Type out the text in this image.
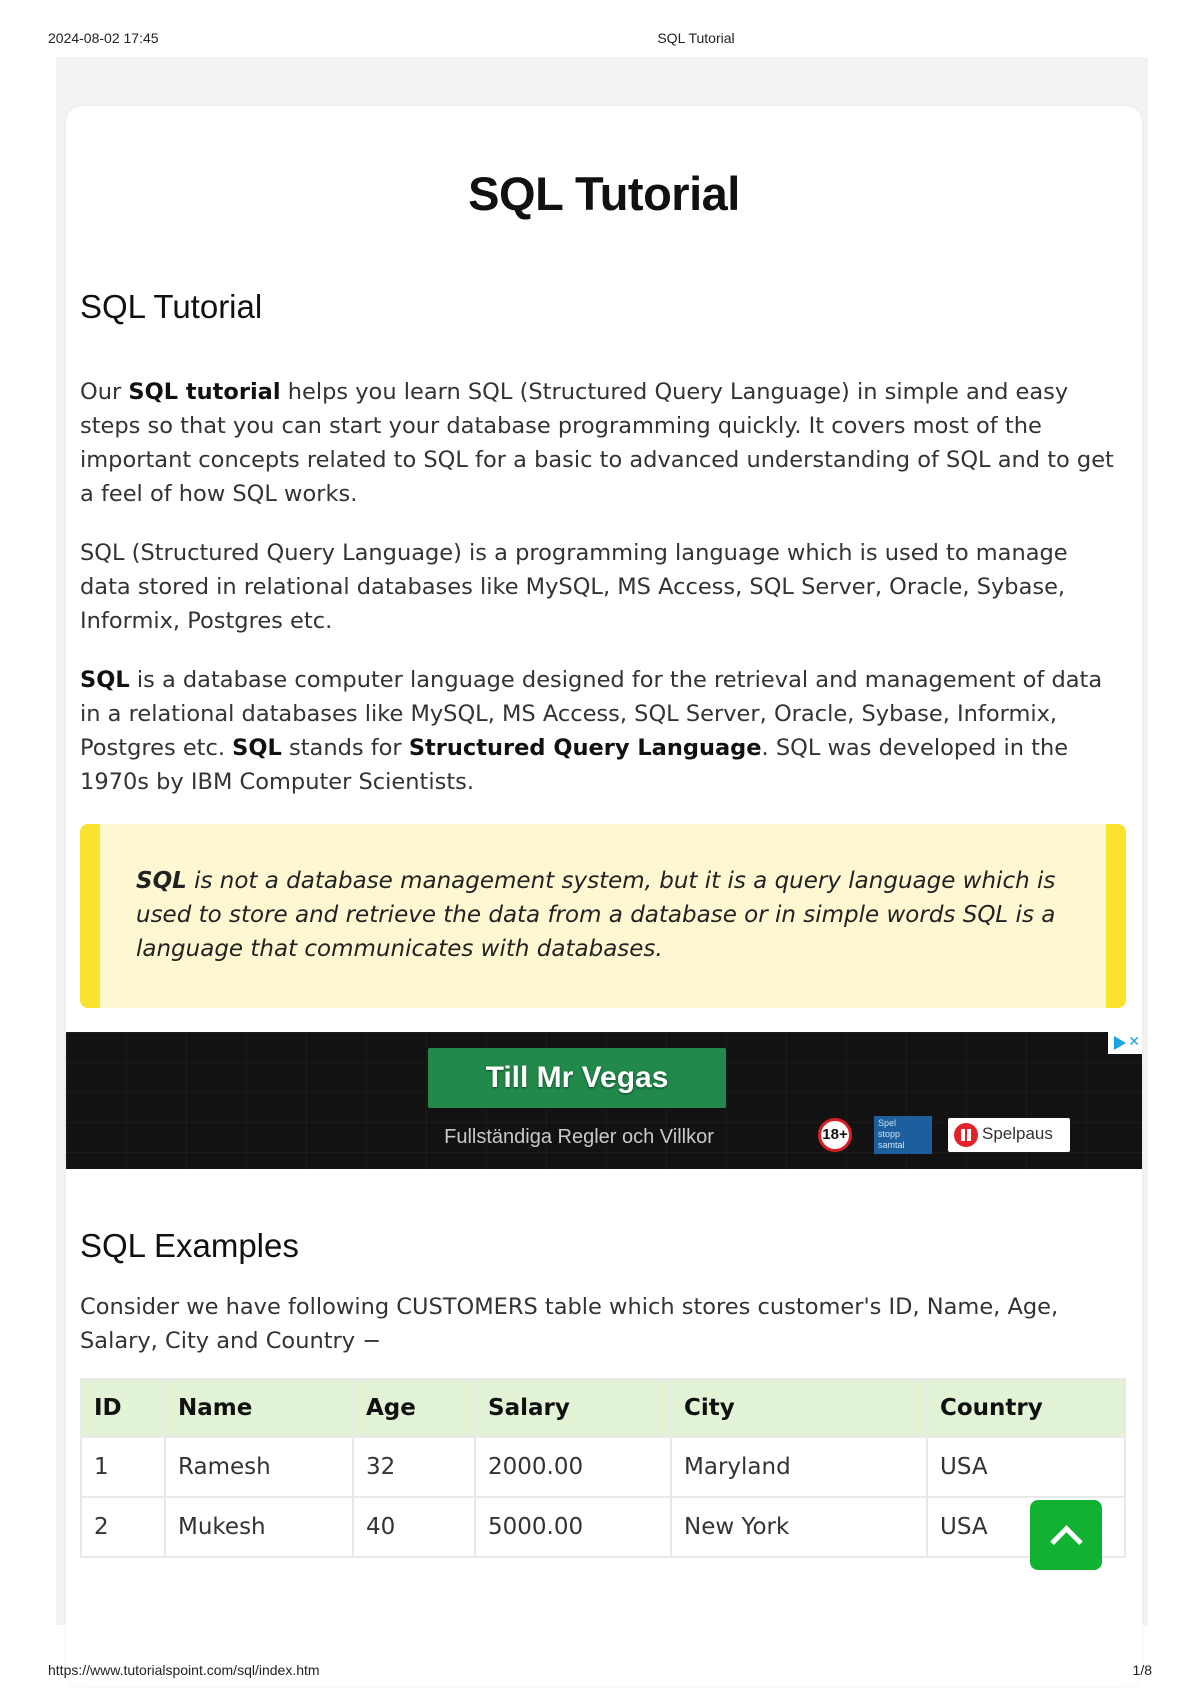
2024-08-02 17:45	SQL Tutorial
SQL Tutorial
SQL Tutorial

Our SQL tutorial helps you learn SQL (Structured Query Language) in simple and easy steps so that you can start your database programming quickly. It covers most of the important concepts related to SQL for a basic to advanced understanding of SQL and to get a feel of how SQL works.

SQL (Structured Query Language) is a programming language which is used to manage data stored in relational databases like MySQL, MS Access, SQL Server, Oracle, Sybase, Informix, Postgres etc.

SQL is a database computer language designed for the retrieval and management of data in a relational databases like MySQL, MS Access, SQL Server, Oracle, Sybase, Informix, Postgres etc. SQL stands for Structured Query Language. SQL was developed in the 1970s by IBM Computer Scientists.

SQL is not a database management system, but it is a query language which is used to store and retrieve the data from a database or in simple words SQL is a language that communicates with databases.

Till Mr Vegas
Fullständiga Regler och Villkor	18+
Spel
stopp
samtal
Spelpaus
✕
SQL Examples

Consider we have following CUSTOMERS table which stores customer's ID, Name, Age, Salary, City and Country −

ID	Name	Age	Salary	City	Country
1	Ramesh	32	2000.00	Maryland	USA
2	Mukesh	40	5000.00	New York	USA
https://www.tutorialspoint.com/sql/index.htm	1/8
